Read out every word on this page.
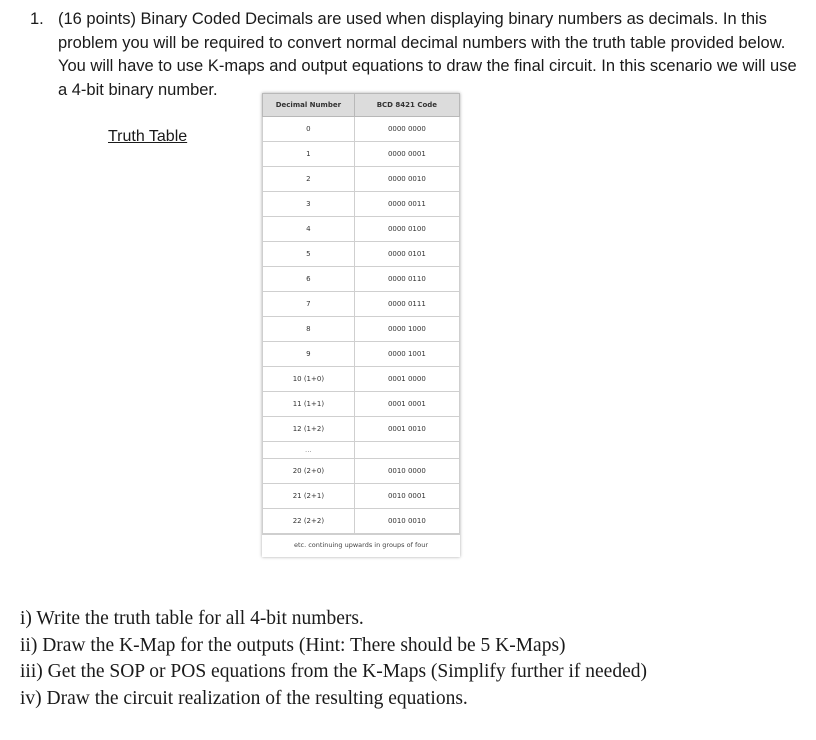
1. (16 points) Binary Coded Decimals are used when displaying binary numbers as decimals. In this problem you will be required to convert normal decimal numbers with the truth table provided below. You will have to use K-maps and output equations to draw the final circuit. In this scenario we will use a 4-bit binary number.
Truth Table
Decimal Number	BCD 8421 Code
0	0000 0000
1	0000 0001
2	0000 0010
3	0000 0011
4	0000 0100
5	0000 0101
6	0000 0110
7	0000 0111
8	0000 1000
9	0000 1001
10 (1+0)	0001 0000
11 (1+1)	0001 0001
12 (1+2)	0001 0010
...	
20 (2+0)	0010 0000
21 (2+1)	0010 0001
22 (2+2)	0010 0010
etc. continuing upwards in groups of four
i) Write the truth table for all 4-bit numbers.
ii) Draw the K-Map for the outputs (Hint: There should be 5 K-Maps)
iii) Get the SOP or POS equations from the K-Maps (Simplify further if needed)
iv) Draw the circuit realization of the resulting equations.
